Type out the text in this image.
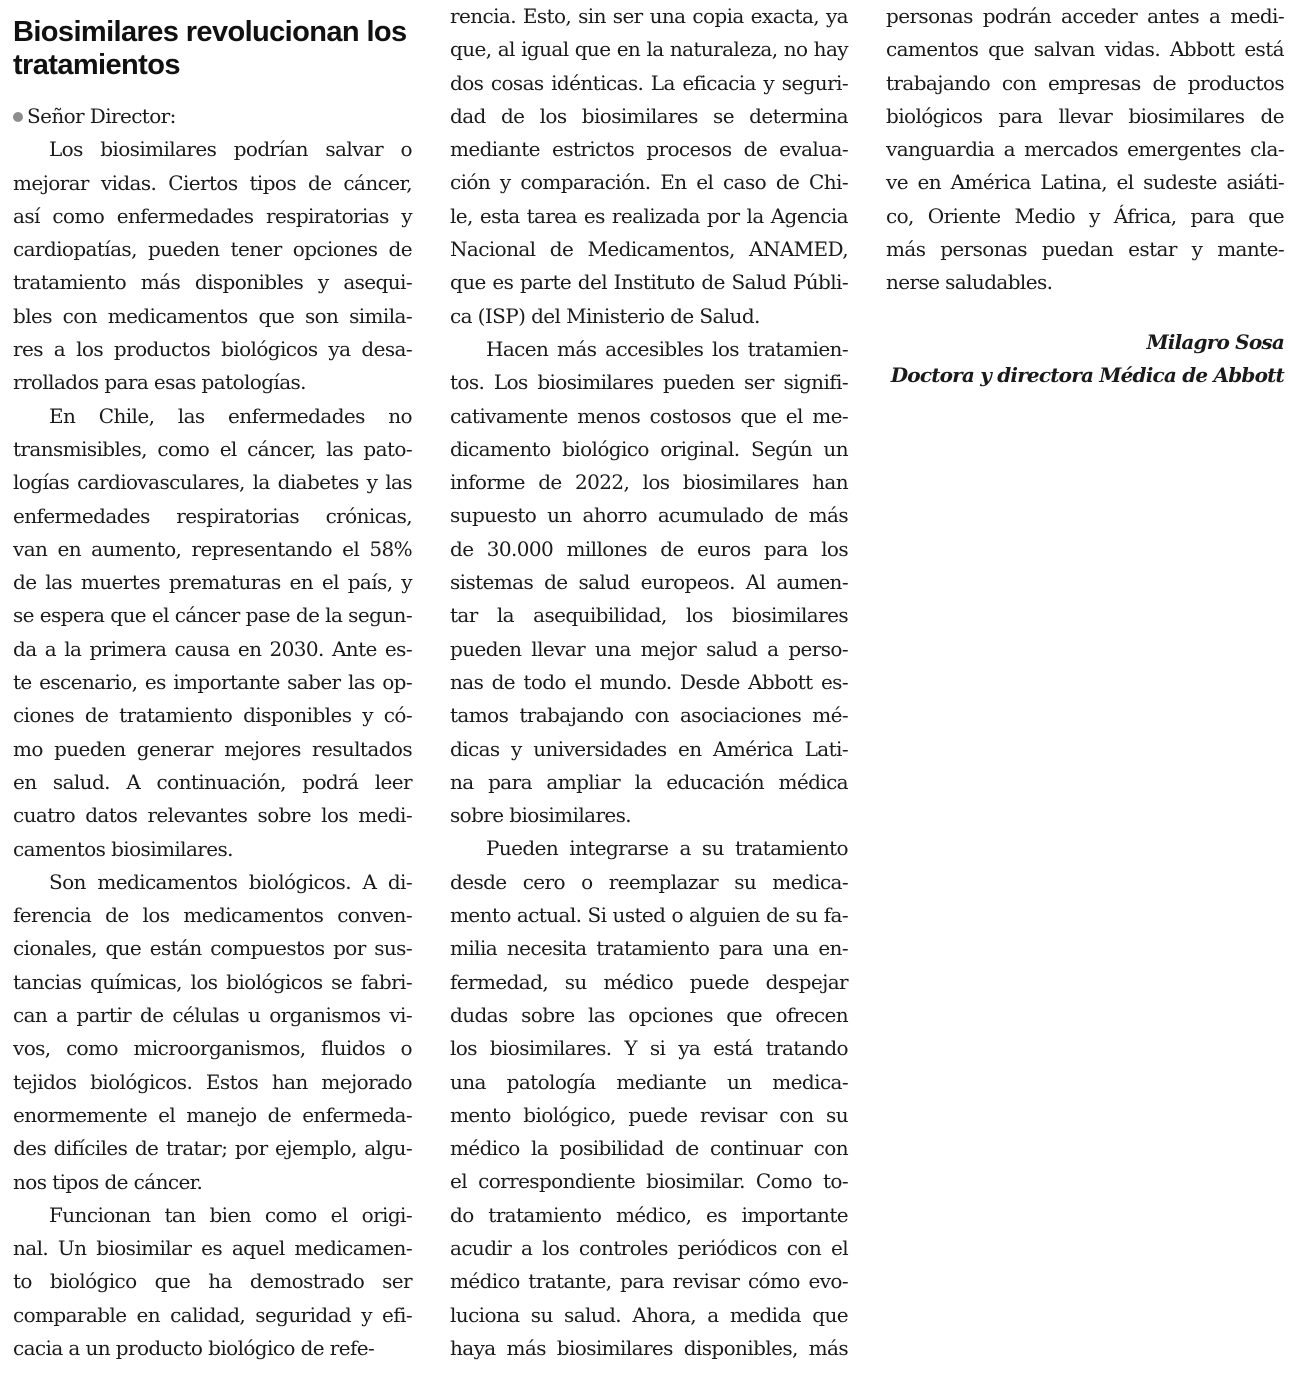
Biosimilares revolucionan los
tratamientos
Señor Director:
Los biosimilares podrían salvar o
mejorar vidas. Ciertos tipos de cáncer,
así como enfermedades respiratorias y
cardiopatías, pueden tener opciones de
tratamiento más disponibles y asequi-
bles con medicamentos que son simila-
res a los productos biológicos ya desa-
rrollados para esas patologías.
En Chile, las enfermedades no
transmisibles, como el cáncer, las pato-
logías cardiovasculares, la diabetes y las
enfermedades respiratorias crónicas,
van en aumento, representando el 58%
de las muertes prematuras en el país, y
se espera que el cáncer pase de la segun-
da a la primera causa en 2030. Ante es-
te escenario, es importante saber las op-
ciones de tratamiento disponibles y có-
mo pueden generar mejores resultados
en salud. A continuación, podrá leer
cuatro datos relevantes sobre los medi-
camentos biosimilares.
Son medicamentos biológicos. A di-
ferencia de los medicamentos conven-
cionales, que están compuestos por sus-
tancias químicas, los biológicos se fabri-
can a partir de células u organismos vi-
vos, como microorganismos, fluidos o
tejidos biológicos. Estos han mejorado
enormemente el manejo de enfermeda-
des difíciles de tratar; por ejemplo, algu-
nos tipos de cáncer.
Funcionan tan bien como el origi-
nal. Un biosimilar es aquel medicamen-
to biológico que ha demostrado ser
comparable en calidad, seguridad y efi-
cacia a un producto biológico de refe-
rencia. Esto, sin ser una copia exacta, ya
que, al igual que en la naturaleza, no hay
dos cosas idénticas. La eficacia y seguri-
dad de los biosimilares se determina
mediante estrictos procesos de evalua-
ción y comparación. En el caso de Chi-
le, esta tarea es realizada por la Agencia
Nacional de Medicamentos, ANAMED,
que es parte del Instituto de Salud Públi-
ca (ISP) del Ministerio de Salud.
Hacen más accesibles los tratamien-
tos. Los biosimilares pueden ser signifi-
cativamente menos costosos que el me-
dicamento biológico original. Según un
informe de 2022, los biosimilares han
supuesto un ahorro acumulado de más
de 30.000 millones de euros para los
sistemas de salud europeos. Al aumen-
tar la asequibilidad, los biosimilares
pueden llevar una mejor salud a perso-
nas de todo el mundo. Desde Abbott es-
tamos trabajando con asociaciones mé-
dicas y universidades en América Lati-
na para ampliar la educación médica
sobre biosimilares.
Pueden integrarse a su tratamiento
desde cero o reemplazar su medica-
mento actual. Si usted o alguien de su fa-
milia necesita tratamiento para una en-
fermedad, su médico puede despejar
dudas sobre las opciones que ofrecen
los biosimilares. Y si ya está tratando
una patología mediante un medica-
mento biológico, puede revisar con su
médico la posibilidad de continuar con
el correspondiente biosimilar. Como to-
do tratamiento médico, es importante
acudir a los controles periódicos con el
médico tratante, para revisar cómo evo-
luciona su salud. Ahora, a medida que
haya más biosimilares disponibles, más
personas podrán acceder antes a medi-
camentos que salvan vidas. Abbott está
trabajando con empresas de productos
biológicos para llevar biosimilares de
vanguardia a mercados emergentes cla-
ve en América Latina, el sudeste asiáti-
co, Oriente Medio y África, para que
más personas puedan estar y mante-
nerse saludables.
Milagro Sosa
Doctora y directora Médica de Abbott
